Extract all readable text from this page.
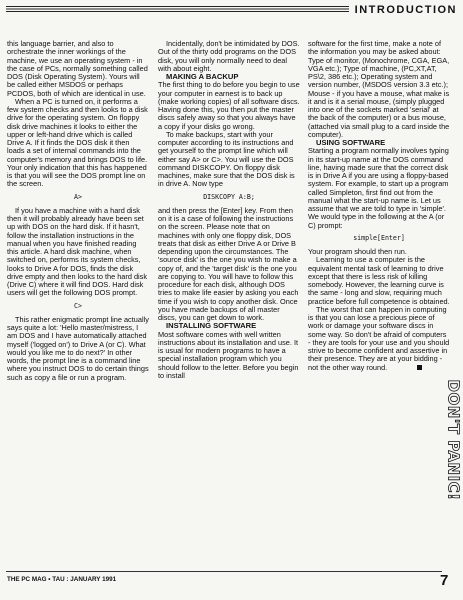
INTRODUCTION

this language barrier, and also to orchestrate the inner workings of the machine, we use an operating system - in the case of PCs, normally something called DOS (Disk Operating System). Yours will be called either MSDOS or perhaps PCDOS, both of which are identical in use.

When a PC is turned on, it performs a few system checks and then looks to a disk drive for the operating system. On floppy disk drive machines it looks to either the upper or left-hand drive which is called Drive A. If it finds the DOS disk it then loads a set of internal commands into the computer's memory and brings DOS to life. Your only indication that this has happened is that you will see the DOS prompt line on the screen.

A>

If you have a machine with a hard disk then it will probably already have been set up with DOS on the hard disk. If it hasn't, follow the installation instructions in the manual when you have finished reading this article. A hard disk machine, when switched on, performs its system checks, looks to Drive A for DOS, finds the disk drive empty and then looks to the hard disk (Drive C) where it will find DOS. Hard disk users will get the following DOS prompt.

C>

This rather enigmatic prompt line actually says quite a lot: 'Hello master/mistress, I am DOS and I have automatically attached myself ('logged on') to Drive A (or C). What would you like me to do next?' In other words, the prompt line is a command line where you instruct DOS to do certain things such as copy a file or run a program.

Incidentally, don't be intimidated by DOS. Out of the thirty odd programs on the DOS disk, you will only normally need to deal with about eight.

MAKING A BACKUP

The first thing to do before you begin to use your computer in earnest is to back up (make working copies) of all software discs. Having done this, you then put the master discs safely away so that you always have a copy if your disks go wrong.

To make backups, start with your computer according to its instructions and get yourself to the prompt line which will either say A> or C>. You will use the DOS command DISKCOPY. On floppy disk machines, make sure that the DOS disk is in drive A. Now type

DISKCOPY A:B;

and then press the [Enter] key. From then on it is a case of following the instructions on the screen. Please note that on machines with only one floppy disk, DOS treats that disk as either Drive A or Drive B depending upon the circumstances. The 'source disk' is the one you wish to make a copy of, and the 'target disk' is the one you are copying to. You will have to follow this procedure for each disk, although DOS tries to make life easier by asking you each time if you wish to copy another disk. Once you have made backups of all master discs, you can get down to work.

INSTALLING SOFTWARE

Most software comes with well written instructions about its installation and use. It is usual for modern programs to have a special installation program which you should follow to the letter. Before you begin to install

software for the first time, make a note of the information you may be asked about: Type of monitor, (Monochrome, CGA, EGA, VGA etc.); Type of machine, (PC,XT,AT, PS\2, 386 etc.); Operating system and version number, (MSDOS version 3.3 etc.); Mouse - if you have a mouse, what make is it and is it a serial mouse, (simply plugged into one of the sockets marked 'serial' at the back of the computer) or a bus mouse, (attached via small plug to a card inside the computer).

USING SOFTWARE

Starting a program normally involves typing in its start-up name at the DOS command line, having made sure that the correct disk is in Drive A if you are using a floppy-based system. For example, to start up a program called Simpleton, first find out from the manual what the start-up name is. Let us assume that we are told to type in 'simple'. We would type in the following at the A (or C) prompt:

simple[Enter]

Your program should then run.

Learning to use a computer is the equivalent mental task of learning to drive except that there is less risk of killing somebody. However, the learning curve is the same - long and slow, requiring much practice before full competence is obtained.

The worst that can happen in computing is that you can lose a precious piece of work or damage your software discs in some way. So don't be afraid of computers - they are tools for your use and you should strive to become confident and assertive in their presence. They are at your bidding - not the other way round.

DON'T PANIC!
THE PC MAG • TAU : JANUARY 1991	7
